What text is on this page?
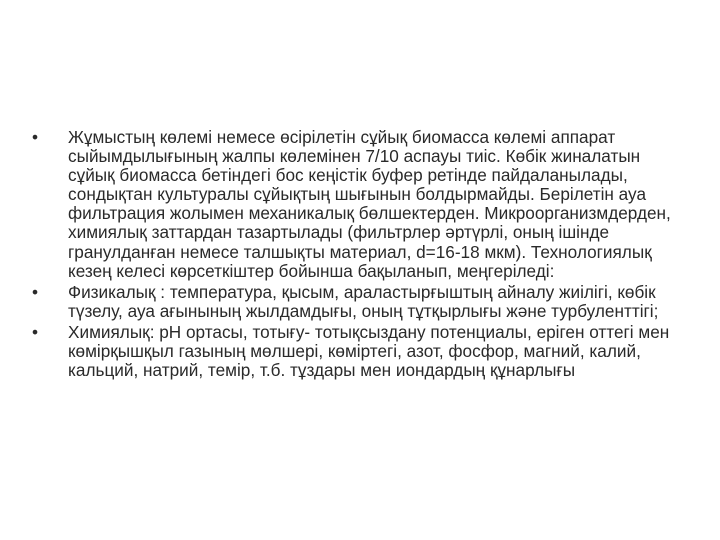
• Жұмыстың көлемі немесе өсірілетін сұйық биомасса көлемі аппарат сыйымдылығының жалпы көлемінен 7/10 аспауы тиіс. Көбік жиналатын сұйық биомасса бетіндегі бос кеңістік буфер ретінде пайдаланылады, сондықтан культуралы сұйықтың шығынын болдырмайды. Берілетін ауа фильтрация жолымен механикалық бөлшектерден. Микроорганизмдерден, химиялық заттардан тазартылады (фильтрлер әртүрлі, оның ішінде гранулданған немесе талшықты материал, d=16-18 мкм). Технологиялық кезең келесі көрсеткіштер бойынша бақыланып, меңгеріледі:
• Физикалық : температура, қысым, араластырғыштың айналу жиілігі, көбік түзелу, ауа ағынының жылдамдығы, оның тұтқырлығы және турбуленттігі;
• Химиялық: рН ортасы, тотығу- тотықсыздану потенциалы, еріген оттегі мен көмірқышқыл газының мөлшері, көміртегі, азот, фосфор, магний, калий, кальций, натрий, темір, т.б. тұздары мен иондардың құнарлығы
